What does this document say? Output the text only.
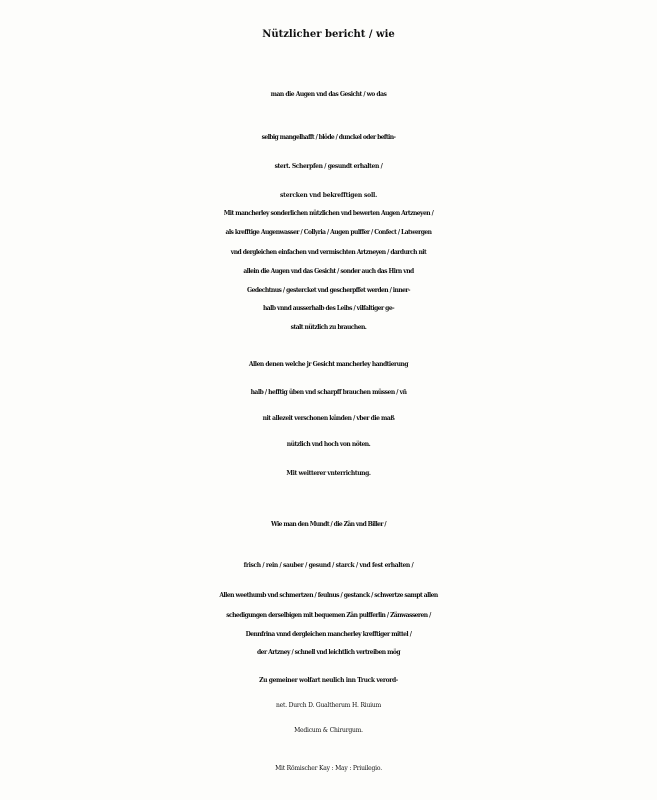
Nützlicher bericht / wie
man die Augen vnd das Gesicht / wo das
selbig mangelhafft / blöde / dunckel oder beftin-
stert. Scherpfen / gesundt erhalten /
stercken vnd bekrefftigen soll.
Mit mancherley sonderlichen nützlichen vnd bewerten Augen Artzneyen /
als krefftige Augenwasser / Collyria / Augen pulffer / Confect / Latwergen
vnd dergleichen einfachen vnd vermischten Artzneyen / dardurch nit
allein die Augen vnd das Gesicht / sonder auch das Hirn vnd
Gedechtnus / gestercket vnd gescherpffet werden / inner-
halb vnnd ausserhalb des Leibs / vilfaltiger ge-
stalt nützlich zu brauchen.
Allen denen welche jr Gesicht mancherley handtierung
halb / hefftig üben vnd scharpff brauchen müssen / vñ
nit allezeit verschonen künden / vber die maß
nützlich vnd hoch von nöten.
Mit weitterer vnterrichtung.
Wie man den Mundt / die Zän vnd Biller /
frisch / rein / sauber / gesund / starck / vnd fest erhalten /
Allen weethumb vnd schmertzen / feulnus / gestanck / schwertze sampt allen
schedigungen derselbigen mit bequemen Zän pulfferlin / Zänwasseren /
Dennfrina vnnd dergleichen mancherley krefftiger mittel /
der Artzney / schnell vnd leichtlich vertreiben mög
Zu gemeiner wolfart neulich inn Truck verord-
net. Durch D. Gualtherum H. Riuium
Medicum & Chirurgum.
Mit Römischer Kay : May : Priuilegio.
